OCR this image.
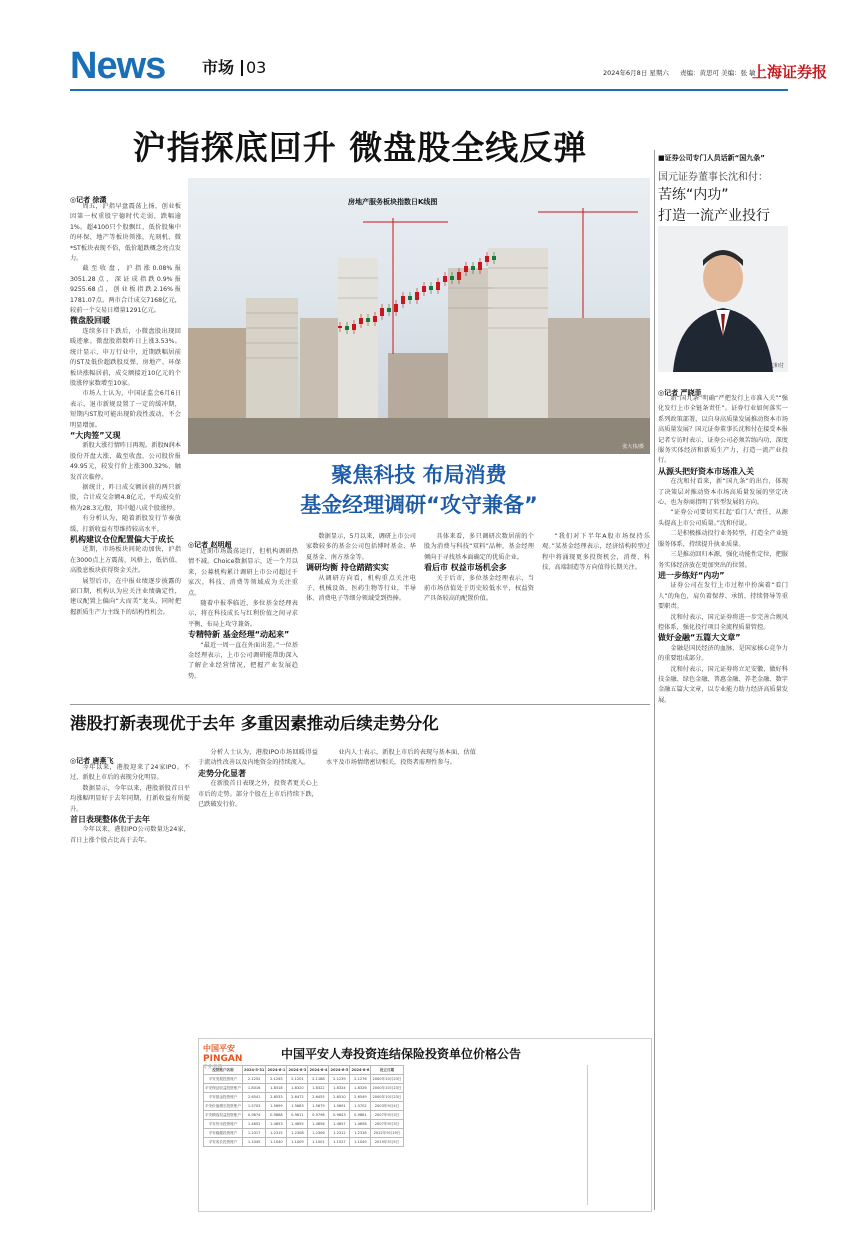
News 市场 03	2024年6月8日 星期六 责编：黄思可 美编：张 敏
上海证券报
沪指探底回升 微盘股全线反弹
◎记者 徐潇

周五，沪指早盘震荡上扬，创业板因第一权重股宁德时代走弱，跌幅逾1%。超4100只个股飘红，低价股集中的环保、地产等板块领涨，光刻机、微*ST板块表现不俗，低价超跌概念亮点发力。

截至收盘，沪指涨0.08%报3051.28点，深证成指跌0.9%报9255.68点，创业板指跌2.16%报1781.07点。两市合计成交7168亿元，较前一个交易日增量1291亿元。

微盘股回暖

连续多日下跌后，小微盘股出现回暖迹象。微盘股指数昨日上涨3.53%。统计显示，申万行业中，近期跌幅居前的ST及低价超跌股反弹，房地产、环保板块涨幅居前，成交额接近10亿元的个股涨停家数增至10家。

市场人士认为，中国证监会6月6日表示，退市新规设置了一定的缓冲期，短期内ST股可能出现阶段性波动，不会明显增加。

“大肉签”又现

新股大涨行情昨日再现。新股N润本股份开盘大涨，截至收盘，公司股价报49.95元，较发行价上涨300.32%，触发首次临停。

据统计，昨日成交额居前的两只新股，合计成交金额4.8亿元，平均成交价格为28.3元/股，其中超八成个股涨停。

有分析认为，随着新股发行节奏放缓，打新收益有望维持较高水平。

机构建议仓位配置偏大于成长

近期，市场板块间轮动加快，沪指在3000点上方震荡，风格上，低估值、高股息板块获得资金关注。

展望后市，在中报业绩逐步披露的窗口期，机构认为应关注业绩确定性，建议配置上偏向“大而美”龙头，同时把握新质生产力主线下的结构性机会。

房地产服务板块指数日K线图
张大伟/摄
聚焦科技 布局消费
基金经理调研“攻守兼备”
◎记者 赵明超

近期市场震荡运行，但机构调研热情不减。Choice数据显示，近一个月以来，公募机构累计调研上市公司超过千家次，科技、消费等领域成为关注重点。

随着中报季临近，多位基金经理表示，将在科技成长与红利价值之间寻求平衡，布局上攻守兼备。

专精特新 基金经理“动起来”

“最近一周一直在外面出差。”一位基金经理表示，上市公司调研能帮助深入了解企业经营情况，把握产业发展趋势。

数据显示，5月以来，调研上市公司家数较多的基金公司包括博时基金、华夏基金、南方基金等。

调研均衡 持仓踏踏实实

从调研方向看，机构重点关注电子、机械设备、医药生物等行业，半导体、消费电子等细分领域受到热捧。

具体来看，多只调研次数居前的个股为消费与科技“双料”品种，基金经理倾向于寻找基本面确定的优质企业。

看后市 权益市场机会多

关于后市，多位基金经理表示，当前市场估值处于历史较低水平，权益资产具备较高的配置价值。

“我们对下半年A股市场保持乐观。”某基金经理表示，经济结构转型过程中将涌现更多投资机会，消费、科技、高端制造等方向值得长期关注。

港股打新表现优于去年 多重因素推动后续走势分化
◎记者 唐燕飞

今年以来，港股迎来了24家IPO。不过，新股上市后的表现分化明显。

数据显示，今年以来，港股新股首日平均涨幅明显好于去年同期，打新收益有所提升。

首日表现整体优于去年

今年以来，港股IPO公司数量达24家，首日上涨个股占比高于去年。

分析人士认为，港股IPO市场回暖得益于流动性改善以及内地资金的持续流入。

走势分化显著

在新股首日表现之外，投资者更关心上市后的走势。部分个股在上市后持续下跌，已跌破发行价。

业内人士表示，新股上市后的表现与基本面、估值水平及市场情绪密切相关，投资者需理性参与。

中国平安
PINGAN
专业·价值
中国平安人寿投资连结保险投资单位价格公告
投资账户名称	2024-5-31	2024-6-1	2024-6-3	2024-6-4	2024-6-5	2024-6-6	设立日期
平安发展投资账户	2.1252	2.1245	2.1201	2.1188	2.1239	2.1276	2000年10月23日
平安保证收益投资账户	1.8316	1.8318	1.8320	1.8322	1.8324	1.8326	2000年10月23日
平安基金投资账户	2.6541	2.6533	2.6472	2.6455	2.6510	2.6549	2000年10月23日
平安价值增长投资账户	1.5703	1.5699	1.5683	1.5679	1.5691	1.5702	2003年9月4日
平安精选权益投资账户	0.9874	0.9868	0.9811	0.9796	0.9843	0.9881	2007年9月3日
平安货币投资账户	1.4652	1.4653	1.4655	1.4656	1.4657	1.4658	2007年9月3日
平安稳健投资账户	1.2317	1.2315	1.2308	1.2306	1.2312	1.2318	2012年9月19日
平安成长投资账户	1.1045	1.1040	1.1009	1.1001	1.1027	1.1049	2015年5月5日
■证券公司专门人员话新“国九条”
国元证券董事长沈和付：
苦练“内功”
打造一流产业投行
沈和付
◎记者 严晓菲

新“国九条”明确“严把发行上市准入关”“强化发行上市全链条责任”。证券行业如何落实一系列政策部署，以自身高质量发展推动资本市场高质量发展？国元证券董事长沈和付在接受本报记者专访时表示，证券公司必须苦练内功，深度服务实体经济和新质生产力，打造一流产业投行。

从源头把好资本市场准入关

在沈和付看来，新“国九条”的出台，体现了决策层对推动资本市场高质量发展的坚定决心，也为券商指明了转型发展的方向。

“证券公司要切实扛起‘看门人’责任，从源头提高上市公司质量。”沈和付说。

二是积极推动投行业务转型，打造全产业链服务体系，持续提升执业质量。

三是推动回归本源，强化功能性定位，把服务实体经济放在更加突出的位置。

进一步练好“内功”

证券公司在发行上市过程中扮演着“看门人”的角色，肩负着保荐、承销、持续督导等重要职责。

沈和付表示，国元证券将进一步完善合规风控体系，强化投行项目全流程质量管控。

做好金融“五篇大文章”

金融是国民经济的血脉，是国家核心竞争力的重要组成部分。

沈和付表示，国元证券将立足安徽，做好科技金融、绿色金融、普惠金融、养老金融、数字金融五篇大文章，以专业能力助力经济高质量发展。
